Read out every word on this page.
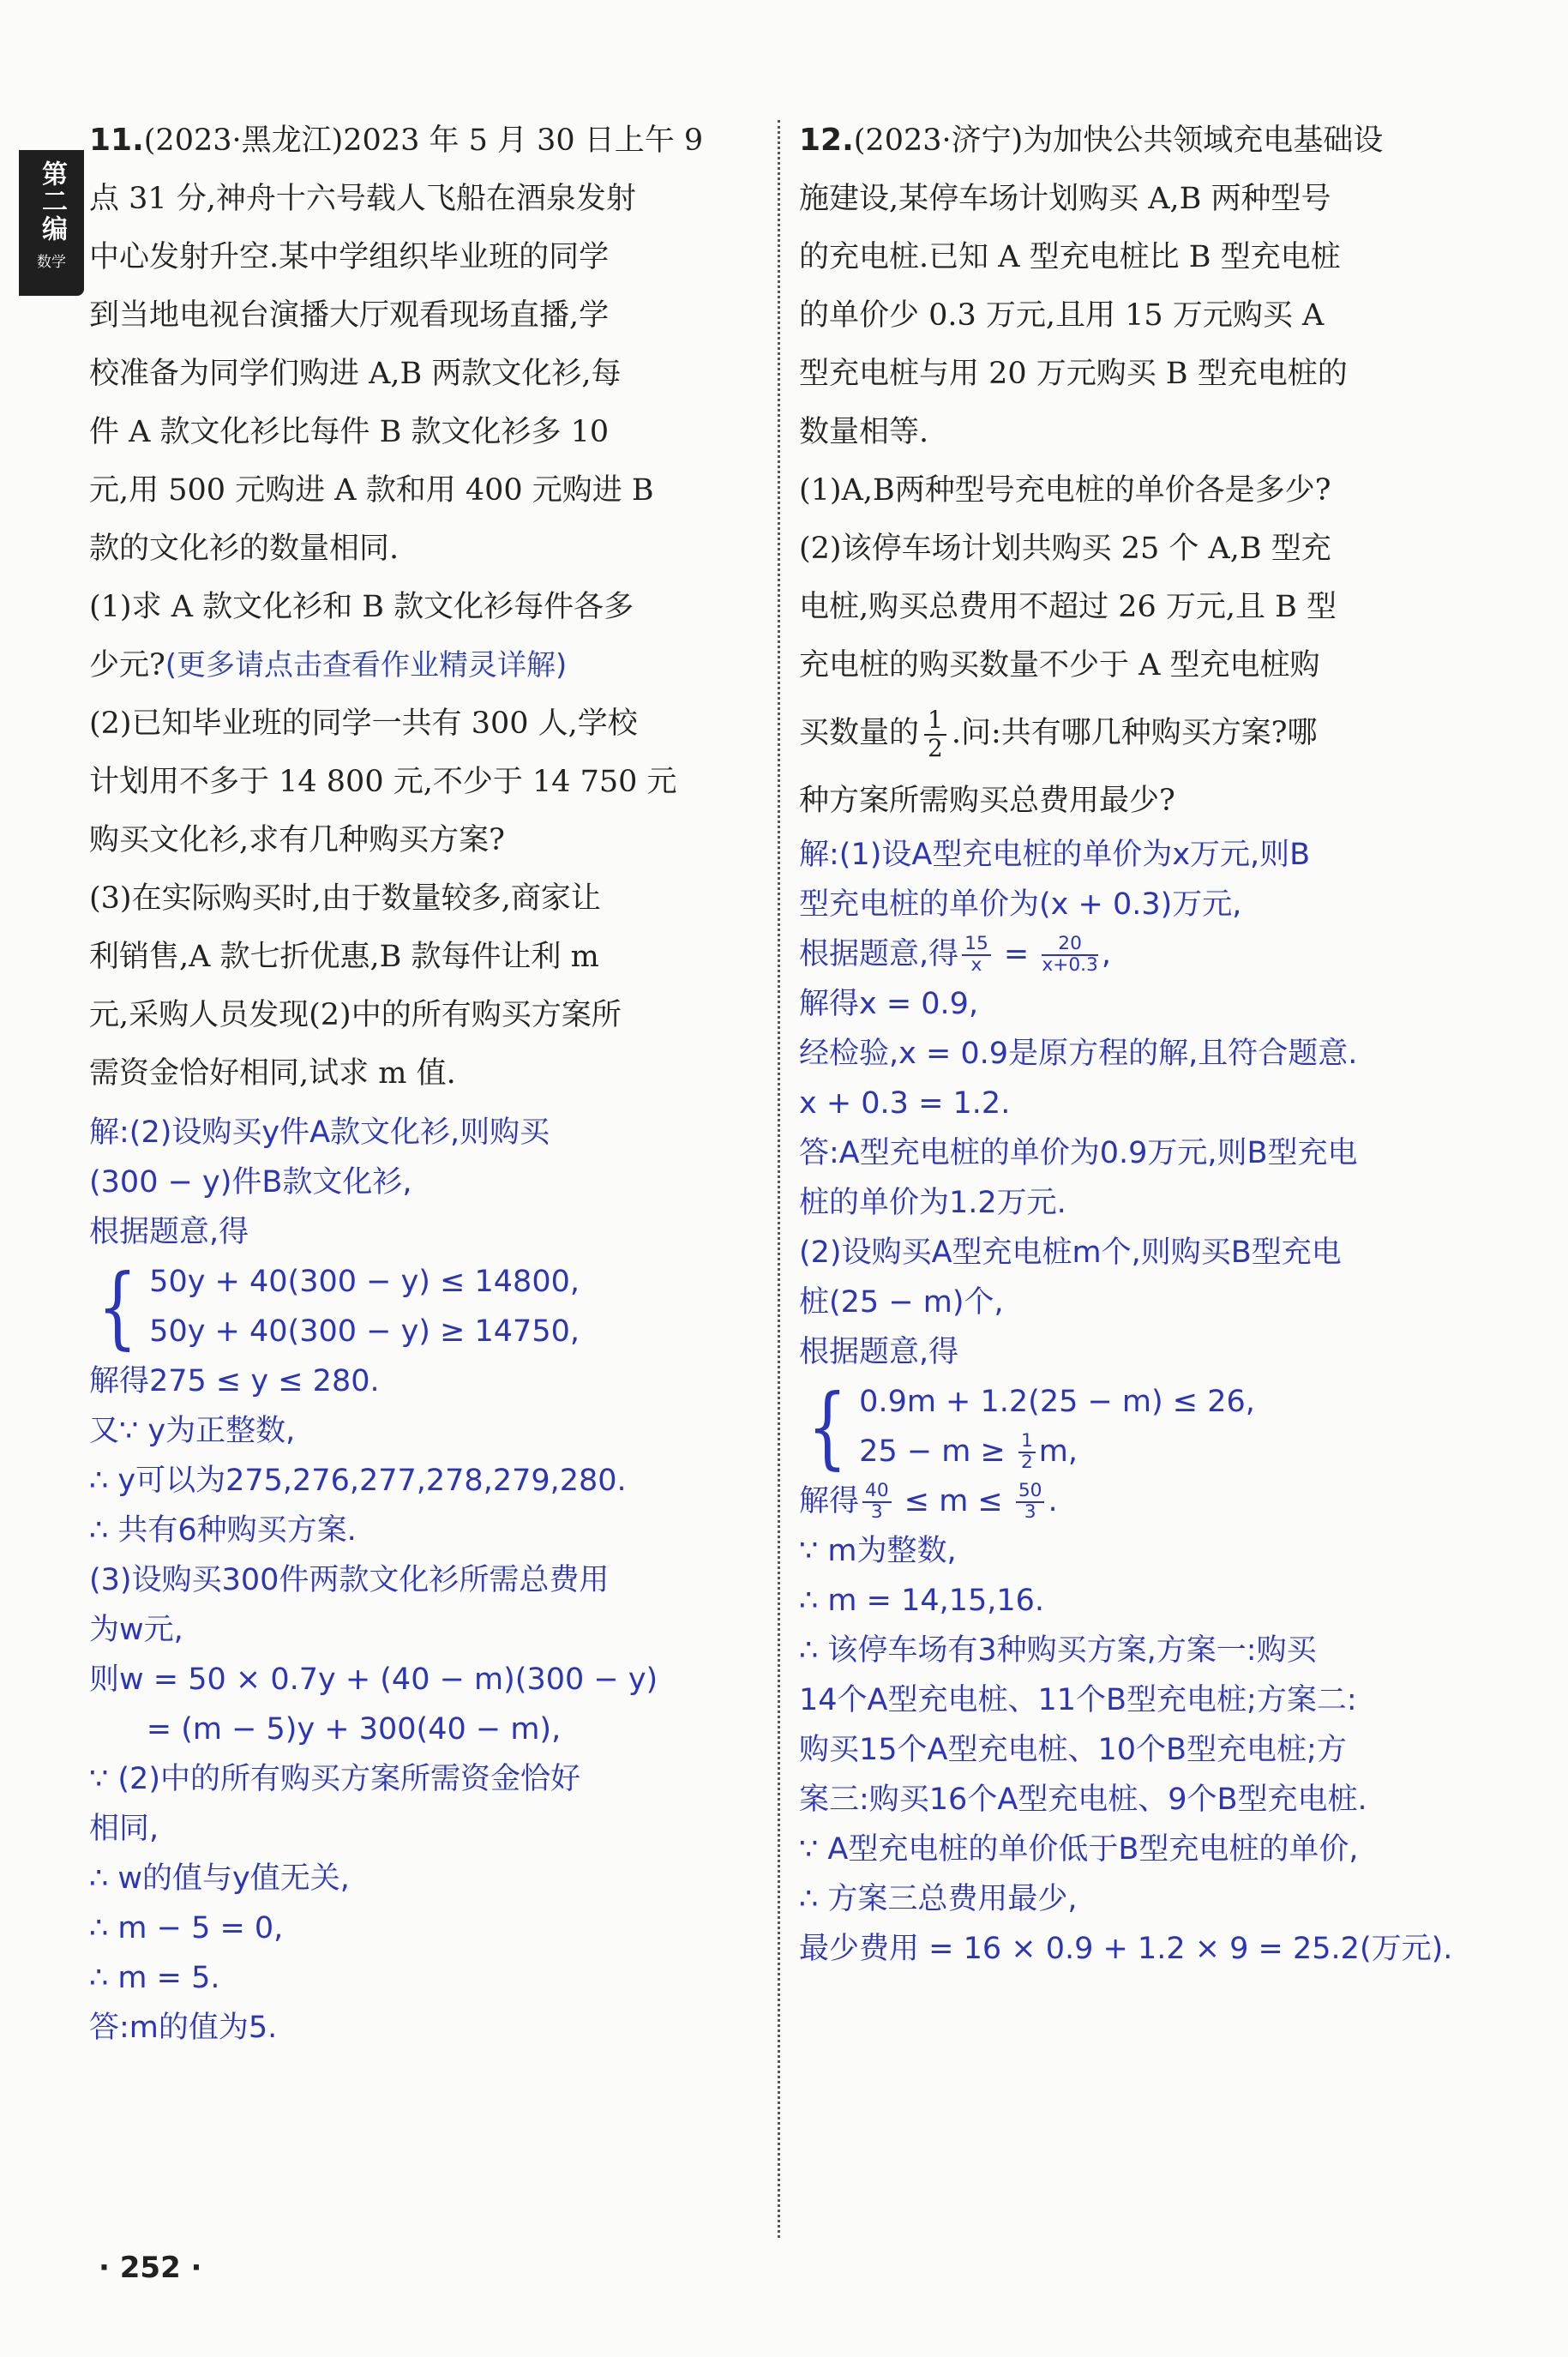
第二编
数学

11.(2023·黑龙江)2023 年 5 月 30 日上午 9

点 31 分,神舟十六号载人飞船在酒泉发射

中心发射升空.某中学组织毕业班的同学

到当地电视台演播大厅观看现场直播,学

校准备为同学们购进 A,B 两款文化衫,每

件 A 款文化衫比每件 B 款文化衫多 10

元,用 500 元购进 A 款和用 400 元购进 B

款的文化衫的数量相同.

(1)求 A 款文化衫和 B 款文化衫每件各多

少元?(更多请点击查看作业精灵详解)

(2)已知毕业班的同学一共有 300 人,学校

计划用不多于 14 800 元,不少于 14 750 元

购买文化衫,求有几种购买方案?

(3)在实际购买时,由于数量较多,商家让

利销售,A 款七折优惠,B 款每件让利 m

元,采购人员发现(2)中的所有购买方案所

需资金恰好相同,试求 m 值.

解:(2)设购买y件A款文化衫,则购买
(300 − y)件B款文化衫,
根据题意,得
{ 50y + 40(300 − y) ≤ 14800,
50y + 40(300 − y) ≥ 14750,
解得275 ≤ y ≤ 280.
又∵ y为正整数,
∴ y可以为275,276,277,278,279,280.
∴ 共有6种购买方案.
(3)设购买300件两款文化衫所需总费用
为w元,
则w = 50 × 0.7y + (40 − m)(300 − y)
= (m − 5)y + 300(40 − m),
∵ (2)中的所有购买方案所需资金恰好
相同,
∴ w的值与y值无关,
∴ m − 5 = 0,
∴ m = 5.
答:m的值为5.

12.(2023·济宁)为加快公共领域充电基础设

施建设,某停车场计划购买 A,B 两种型号

的充电桩.已知 A 型充电桩比 B 型充电桩

的单价少 0.3 万元,且用 15 万元购买 A

型充电桩与用 20 万元购买 B 型充电桩的

数量相等.

(1)A,B两种型号充电桩的单价各是多少?

(2)该停车场计划共购买 25 个 A,B 型充

电桩,购买总费用不超过 26 万元,且 B 型

充电桩的购买数量不少于 A 型充电桩购

买数量的 $\frac{1}{2}$ .问:共有哪几种购买方案?哪

种方案所需购买总费用最少?

解:(1)设A型充电桩的单价为x万元,则B
型充电桩的单价为(x + 0.3)万元,
根据题意,得 $\frac{15}{x} = \frac{20}{x+0.3}$ ,
解得x = 0.9,
经检验,x = 0.9是原方程的解,且符合题意.
x + 0.3 = 1.2.
答:A型充电桩的单价为0.9万元,则B型充电
桩的单价为1.2万元.
(2)设购买A型充电桩m个,则购买B型充电
桩(25 − m)个,
根据题意,得
{ 0.9m + 1.2(25 − m) ≤ 26,
$25 - m \ge \frac{1}{2} m$,
解得 $\frac{40}{3} \le m \le \frac{50}{3}$ .
∵ m为整数,
∴ m = 14,15,16.
∴ 该停车场有3种购买方案,方案一:购买
14个A型充电桩、11个B型充电桩;方案二:
购买15个A型充电桩、10个B型充电桩;方
案三:购买16个A型充电桩、9个B型充电桩.
∵ A型充电桩的单价低于B型充电桩的单价,
∴ 方案三总费用最少,
最少费用 = 16 × 0.9 + 1.2 × 9 = 25.2(万元).
· 252 ·
